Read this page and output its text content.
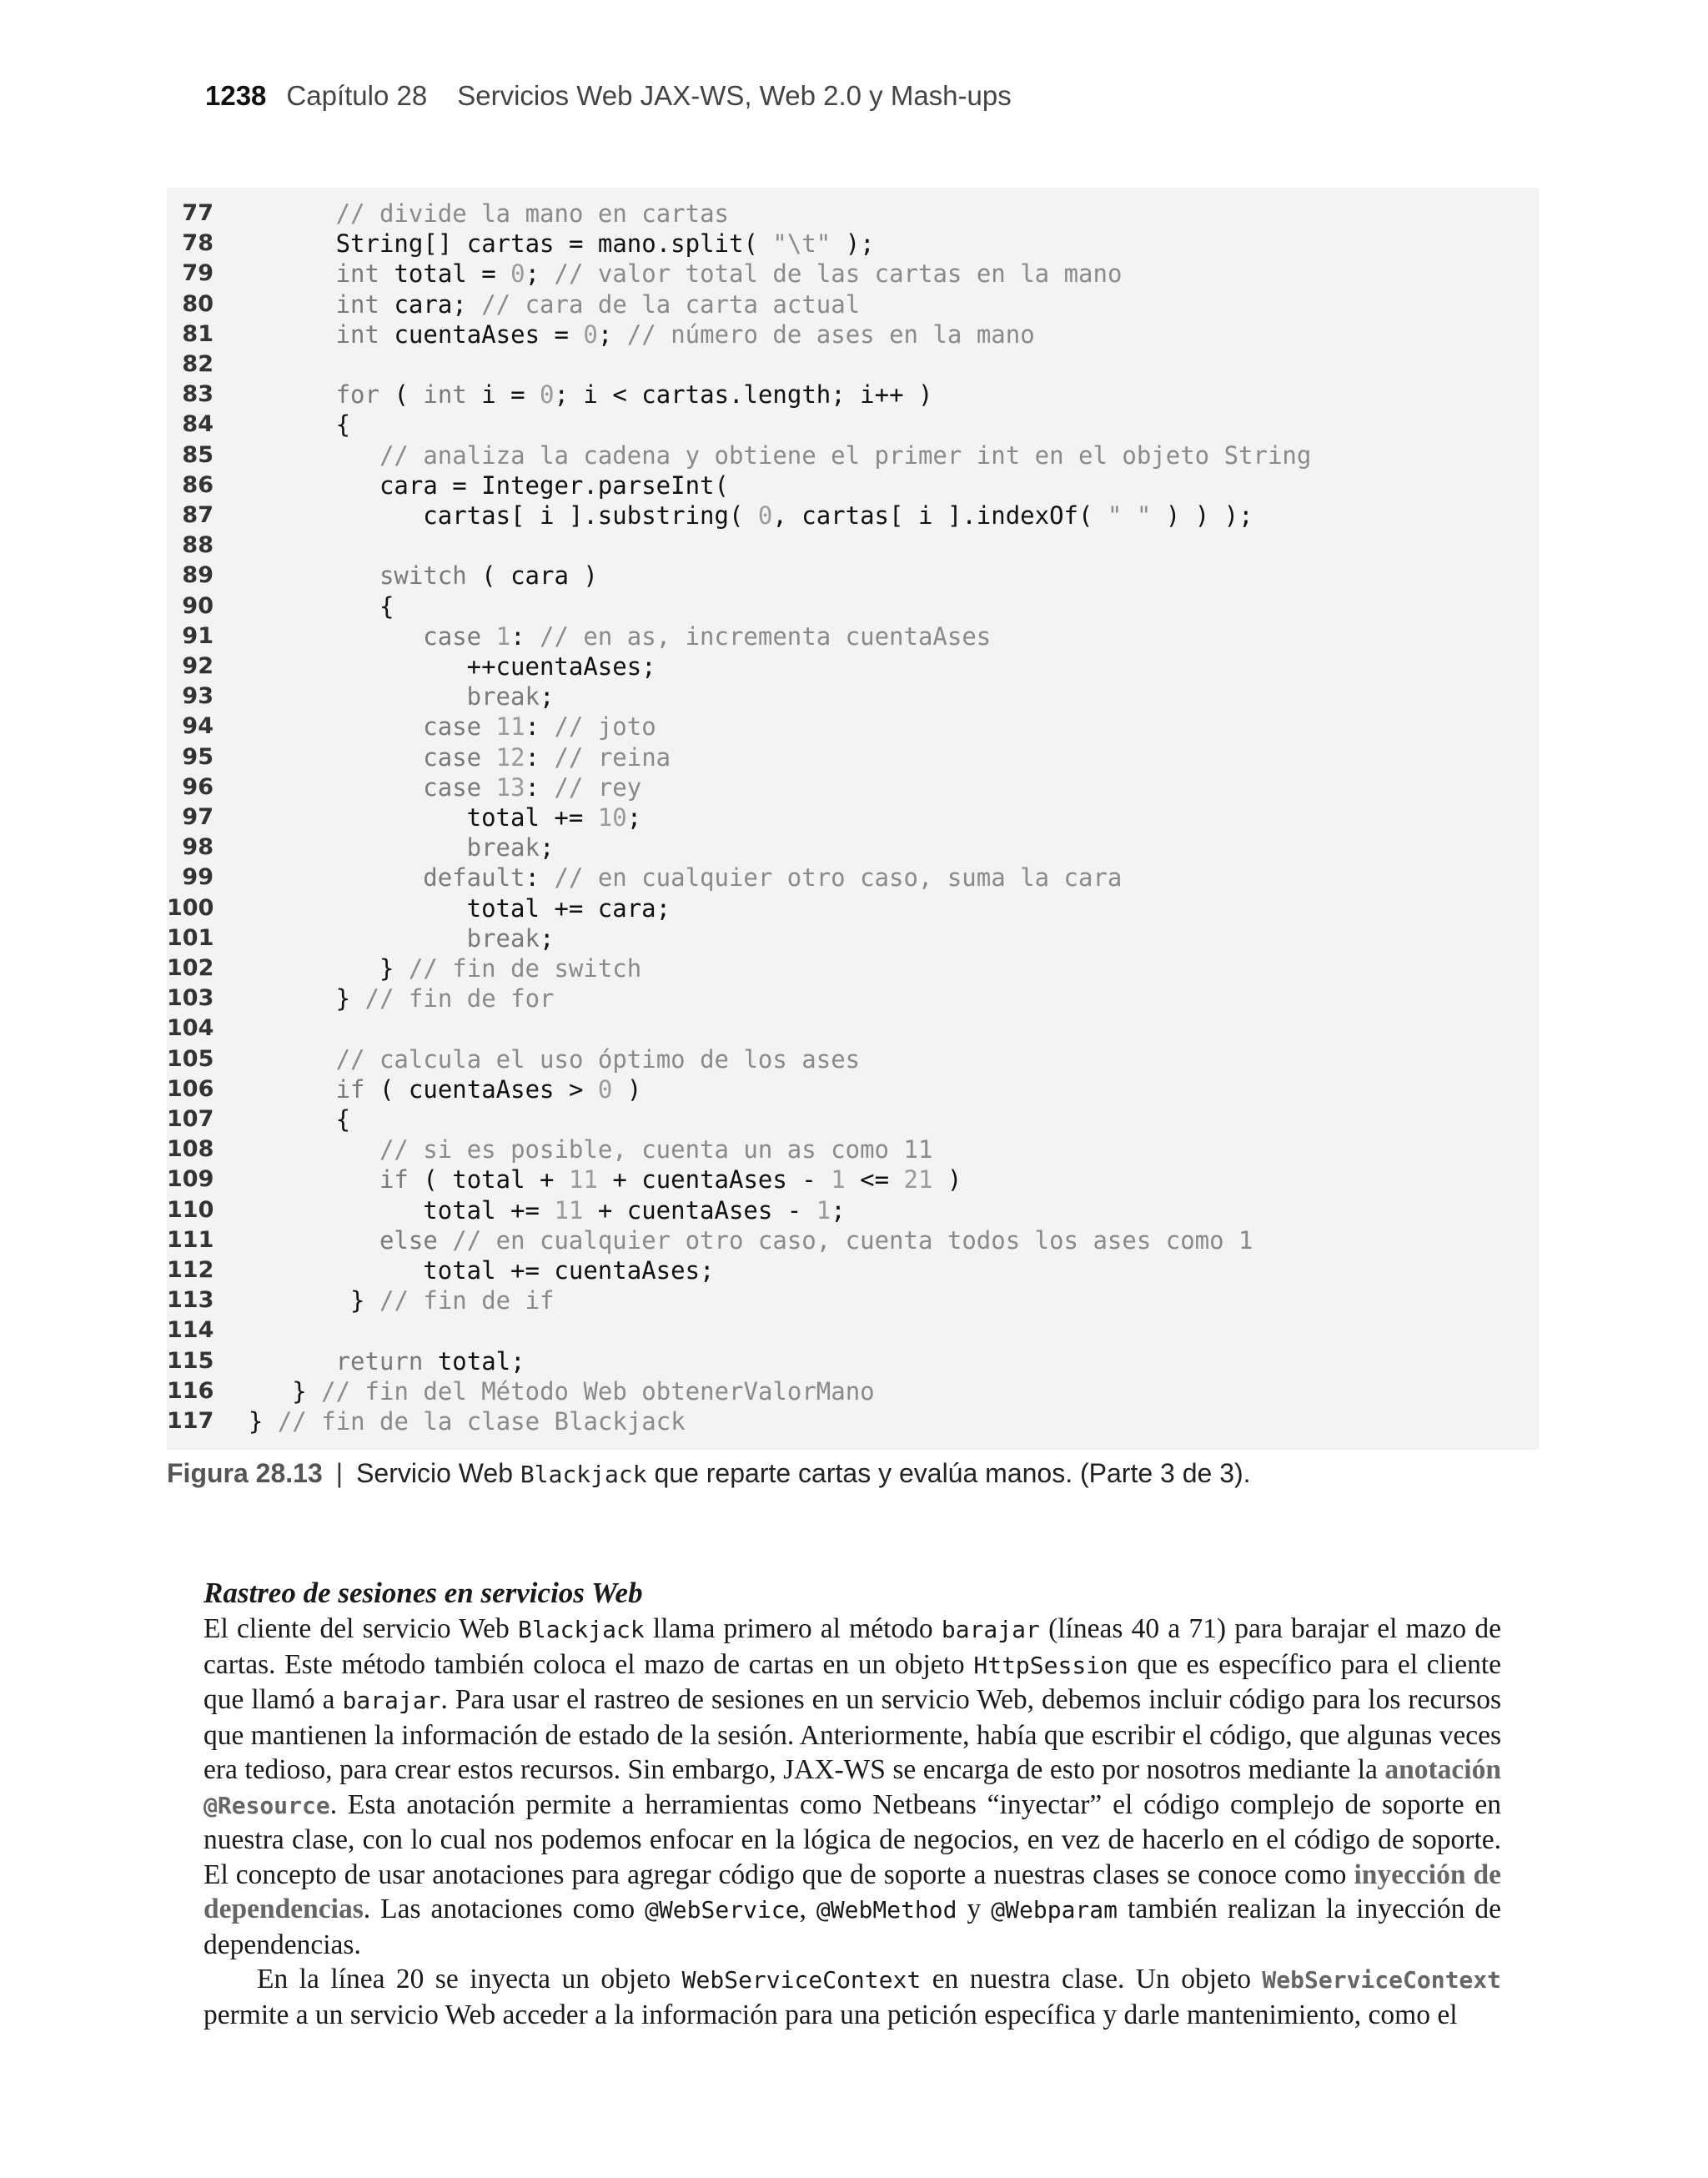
1238 Capítulo 28 Servicios Web JAX-WS, Web 2.0 y Mash-ups
77	// divide la mano en cartas
78	String[] cartas = mano.split( "\t" );
79	int total = 0; // valor total de las cartas en la mano
80	int cara; // cara de la carta actual
81	int cuentaAses = 0; // número de ases en la mano
82
83	for ( int i = 0; i < cartas.length; i++ )
84	{
85	// analiza la cadena y obtiene el primer int en el objeto String
86	cara = Integer.parseInt(
87	cartas[ i ].substring( 0, cartas[ i ].indexOf( " " ) ) );
88
89	switch ( cara )
90	{
91	case 1: // en as, incrementa cuentaAses
92	++cuentaAses;
93	break;
94	case 11: // joto
95	case 12: // reina
96	case 13: // rey
97	total += 10;
98	break;
99	default: // en cualquier otro caso, suma la cara
100	total += cara;
101	break;
102	} // fin de switch
103	} // fin de for
104
105	// calcula el uso óptimo de los ases
106	if ( cuentaAses > 0 )
107	{
108	// si es posible, cuenta un as como 11
109	if ( total + 11 + cuentaAses - 1 <= 21 )
110	total += 11 + cuentaAses - 1;
111	else // en cualquier otro caso, cuenta todos los ases como 1
112	total += cuentaAses;
113	} // fin de if
114
115	return total;
116	} // fin del Método Web obtenerValorMano
117 } // fin de la clase Blackjack
Figura 28.13 | Servicio Web Blackjack que reparte cartas y evalúa manos. (Parte 3 de 3).
Rastreo de sesiones en servicios Web

El cliente del servicio Web Blackjack llama primero al método barajar (líneas 40 a 71) para barajar el mazo de cartas. Este método también coloca el mazo de cartas en un objeto HttpSession que es específico para el cliente que llamó a barajar. Para usar el rastreo de sesiones en un servicio Web, debemos incluir código para los recursos que mantienen la información de estado de la sesión. Anteriormente, había que escribir el código, que algunas veces era tedioso, para crear estos recursos. Sin embargo, JAX-WS se encarga de esto por nosotros mediante la anotación @Resource. Esta anotación permite a herramientas como Netbeans “inyectar” el código complejo de soporte en nuestra clase, con lo cual nos podemos enfocar en la lógica de negocios, en vez de hacerlo en el código de soporte. El concepto de usar anotaciones para agregar código que de soporte a nuestras clases se conoce como inyección de dependencias. Las anotaciones como @WebService, @WebMethod y @Webparam también realizan la inyección de dependencias.

En la línea 20 se inyecta un objeto WebServiceContext en nuestra clase. Un objeto WebServiceContext permite a un servicio Web acceder a la información para una petición específica y darle mantenimiento, como el
